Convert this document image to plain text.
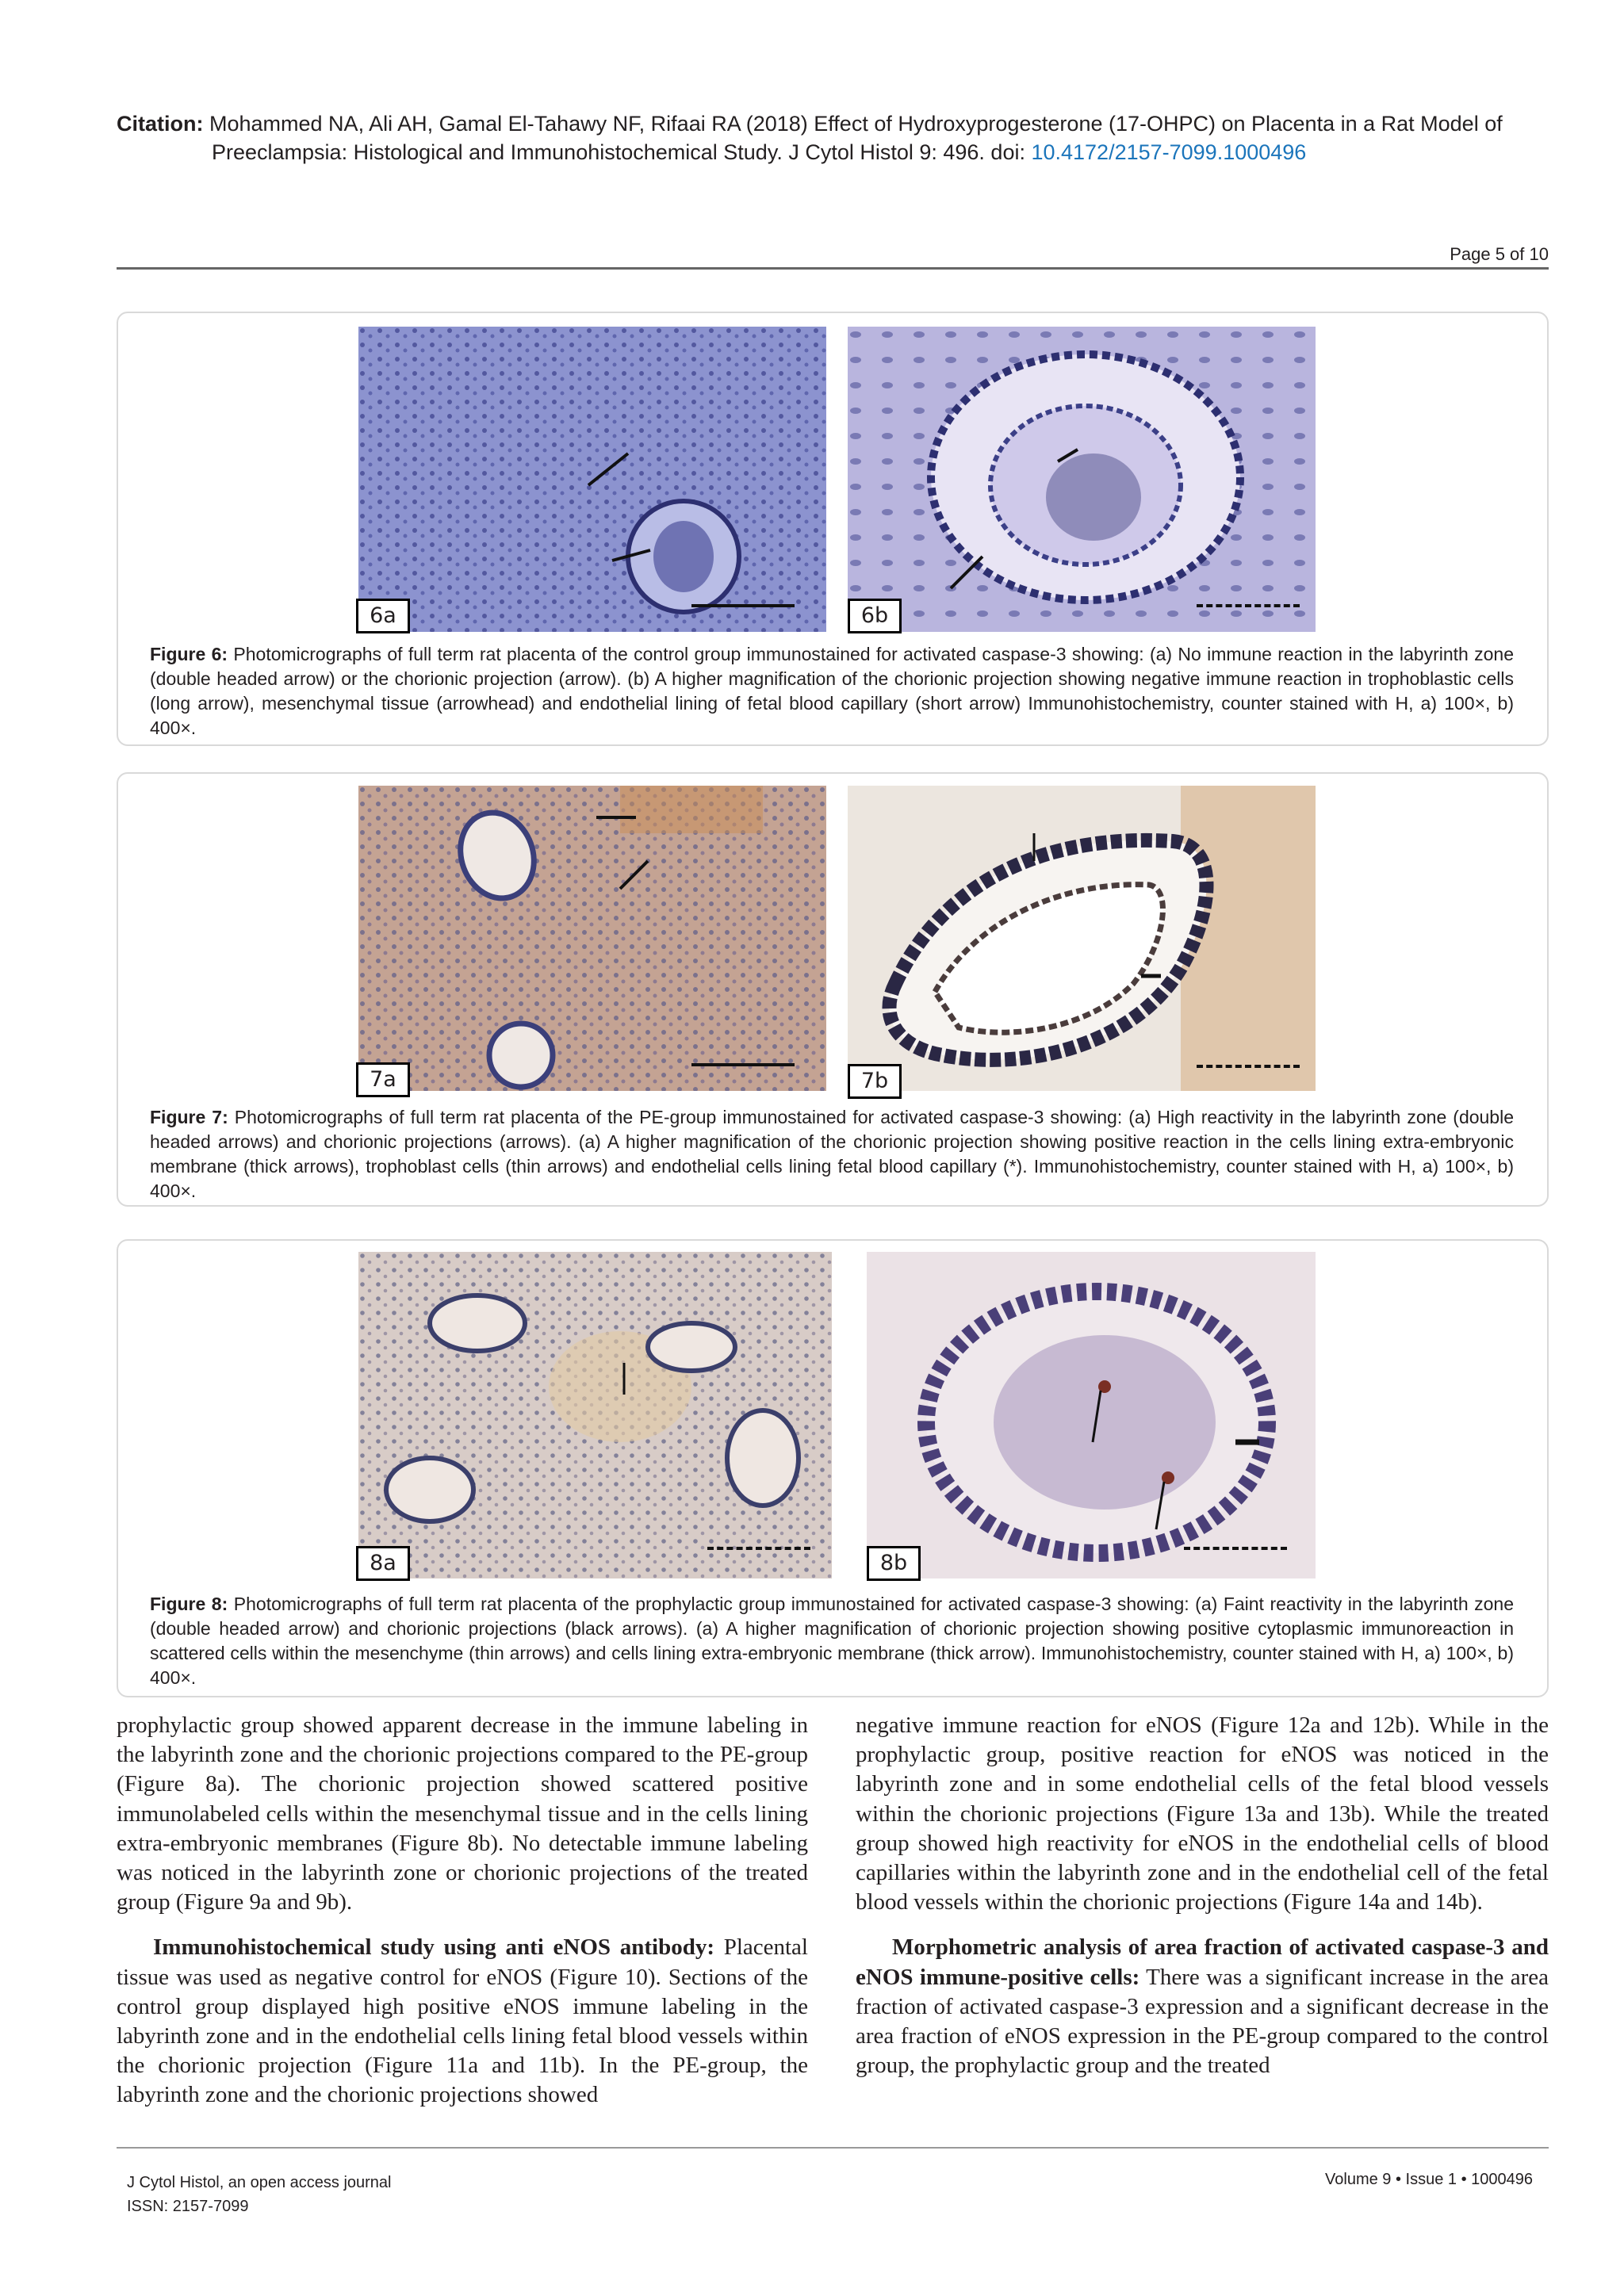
Citation: Mohammed NA, Ali AH, Gamal El-Tahawy NF, Rifaai RA (2018) Effect of Hydroxyprogesterone (17-OHPC) on Placenta in a Rat Model of
Preeclampsia: Histological and Immunohistochemical Study. J Cytol Histol 9: 496. doi: 10.4172/2157-7099.1000496
Page 5 of 10
6a	6b
Figure 6: Photomicrographs of full term rat placenta of the control group immunostained for activated caspase-3 showing: (a) No immune reaction in the labyrinth zone (double headed arrow) or the chorionic projection (arrow). (b) A higher magnification of the chorionic projection showing negative immune reaction in trophoblastic cells (long arrow), mesenchymal tissue (arrowhead) and endothelial lining of fetal blood capillary (short arrow) Immunohistochemistry, counter stained with H, a) 100×, b) 400×.
7a	7b
Figure 7: Photomicrographs of full term rat placenta of the PE-group immunostained for activated caspase-3 showing: (a) High reactivity in the labyrinth zone (double headed arrows) and chorionic projections (arrows). (a) A higher magnification of the chorionic projection showing positive reaction in the cells lining extra-embryonic membrane (thick arrows), trophoblast cells (thin arrows) and endothelial cells lining fetal blood capillary (*). Immunohistochemistry, counter stained with H, a) 100×, b) 400×.
8a	8b
Figure 8: Photomicrographs of full term rat placenta of the prophylactic group immunostained for activated caspase-3 showing: (a) Faint reactivity in the labyrinth zone (double headed arrow) and chorionic projections (black arrows). (a) A higher magnification of chorionic projection showing positive cytoplasmic immunoreaction in scattered cells within the mesenchyme (thin arrows) and cells lining extra-embryonic membrane (thick arrow). Immunohistochemistry, counter stained with H, a) 100×, b) 400×.

prophylactic group showed apparent decrease in the immune labeling in the labyrinth zone and the chorionic projections compared to the PE-group (Figure 8a). The chorionic projection showed scattered positive immunolabeled cells within the mesenchymal tissue and in the cells lining extra-embryonic membranes (Figure 8b). No detectable immune labeling was noticed in the labyrinth zone or chorionic projections of the treated group (Figure 9a and 9b).

Immunohistochemical study using anti eNOS antibody: Placental tissue was used as negative control for eNOS (Figure 10). Sections of the control group displayed high positive eNOS immune labeling in the labyrinth zone and in the endothelial cells lining fetal blood vessels within the chorionic projection (Figure 11a and 11b). In the PE-group, the labyrinth zone and the chorionic projections showed

negative immune reaction for eNOS (Figure 12a and 12b). While in the prophylactic group, positive reaction for eNOS was noticed in the labyrinth zone and in some endothelial cells of the fetal blood vessels within the chorionic projections (Figure 13a and 13b). While the treated group showed high reactivity for eNOS in the endothelial cells of blood capillaries within the labyrinth zone and in the endothelial cell of the fetal blood vessels within the chorionic projections (Figure 14a and 14b).

Morphometric analysis of area fraction of activated caspase-3 and eNOS immune-positive cells: There was a significant increase in the area fraction of activated caspase-3 expression and a significant decrease in the area fraction of eNOS expression in the PE-group compared to the control group, the prophylactic group and the treated

J Cytol Histol, an open access journal
ISSN: 2157-7099
Volume 9 • Issue 1 • 1000496
